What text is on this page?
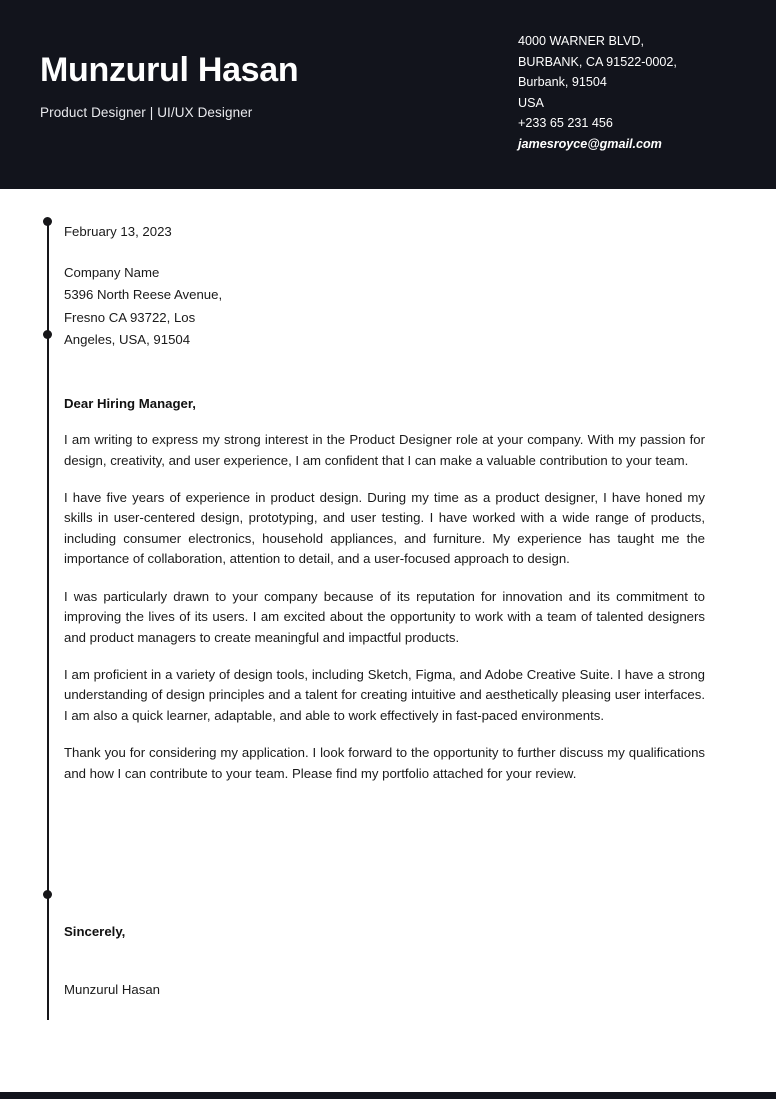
Munzurul Hasan

Product Designer | UI/UX Designer

4000 WARNER BLVD,
BURBANK, CA 91522-0002,
Burbank, 91504
USA
+233 65 231 456
jamesroyce@gmail.com
February 13, 2023
Company Name
5396 North Reese Avenue,
Fresno CA 93722, Los
Angeles, USA, 91504
Dear Hiring Manager,

I am writing to express my strong interest in the Product Designer role at your company. With my passion for design, creativity, and user experience, I am confident that I can make a valuable contribution to your team.

I have five years of experience in product design. During my time as a product designer, I have honed my skills in user-centered design, prototyping, and user testing. I have worked with a wide range of products, including consumer electronics, household appliances, and furniture. My experience has taught me the importance of collaboration, attention to detail, and a user-focused approach to design.

I was particularly drawn to your company because of its reputation for innovation and its commitment to improving the lives of its users. I am excited about the opportunity to work with a team of talented designers and product managers to create meaningful and impactful products.

I am proficient in a variety of design tools, including Sketch, Figma, and Adobe Creative Suite. I have a strong understanding of design principles and a talent for creating intuitive and aesthetically pleasing user interfaces. I am also a quick learner, adaptable, and able to work effectively in fast-paced environments.

Thank you for considering my application. I look forward to the opportunity to further discuss my qualifications and how I can contribute to your team. Please find my portfolio attached for your review.

Sincerely,
Munzurul Hasan
